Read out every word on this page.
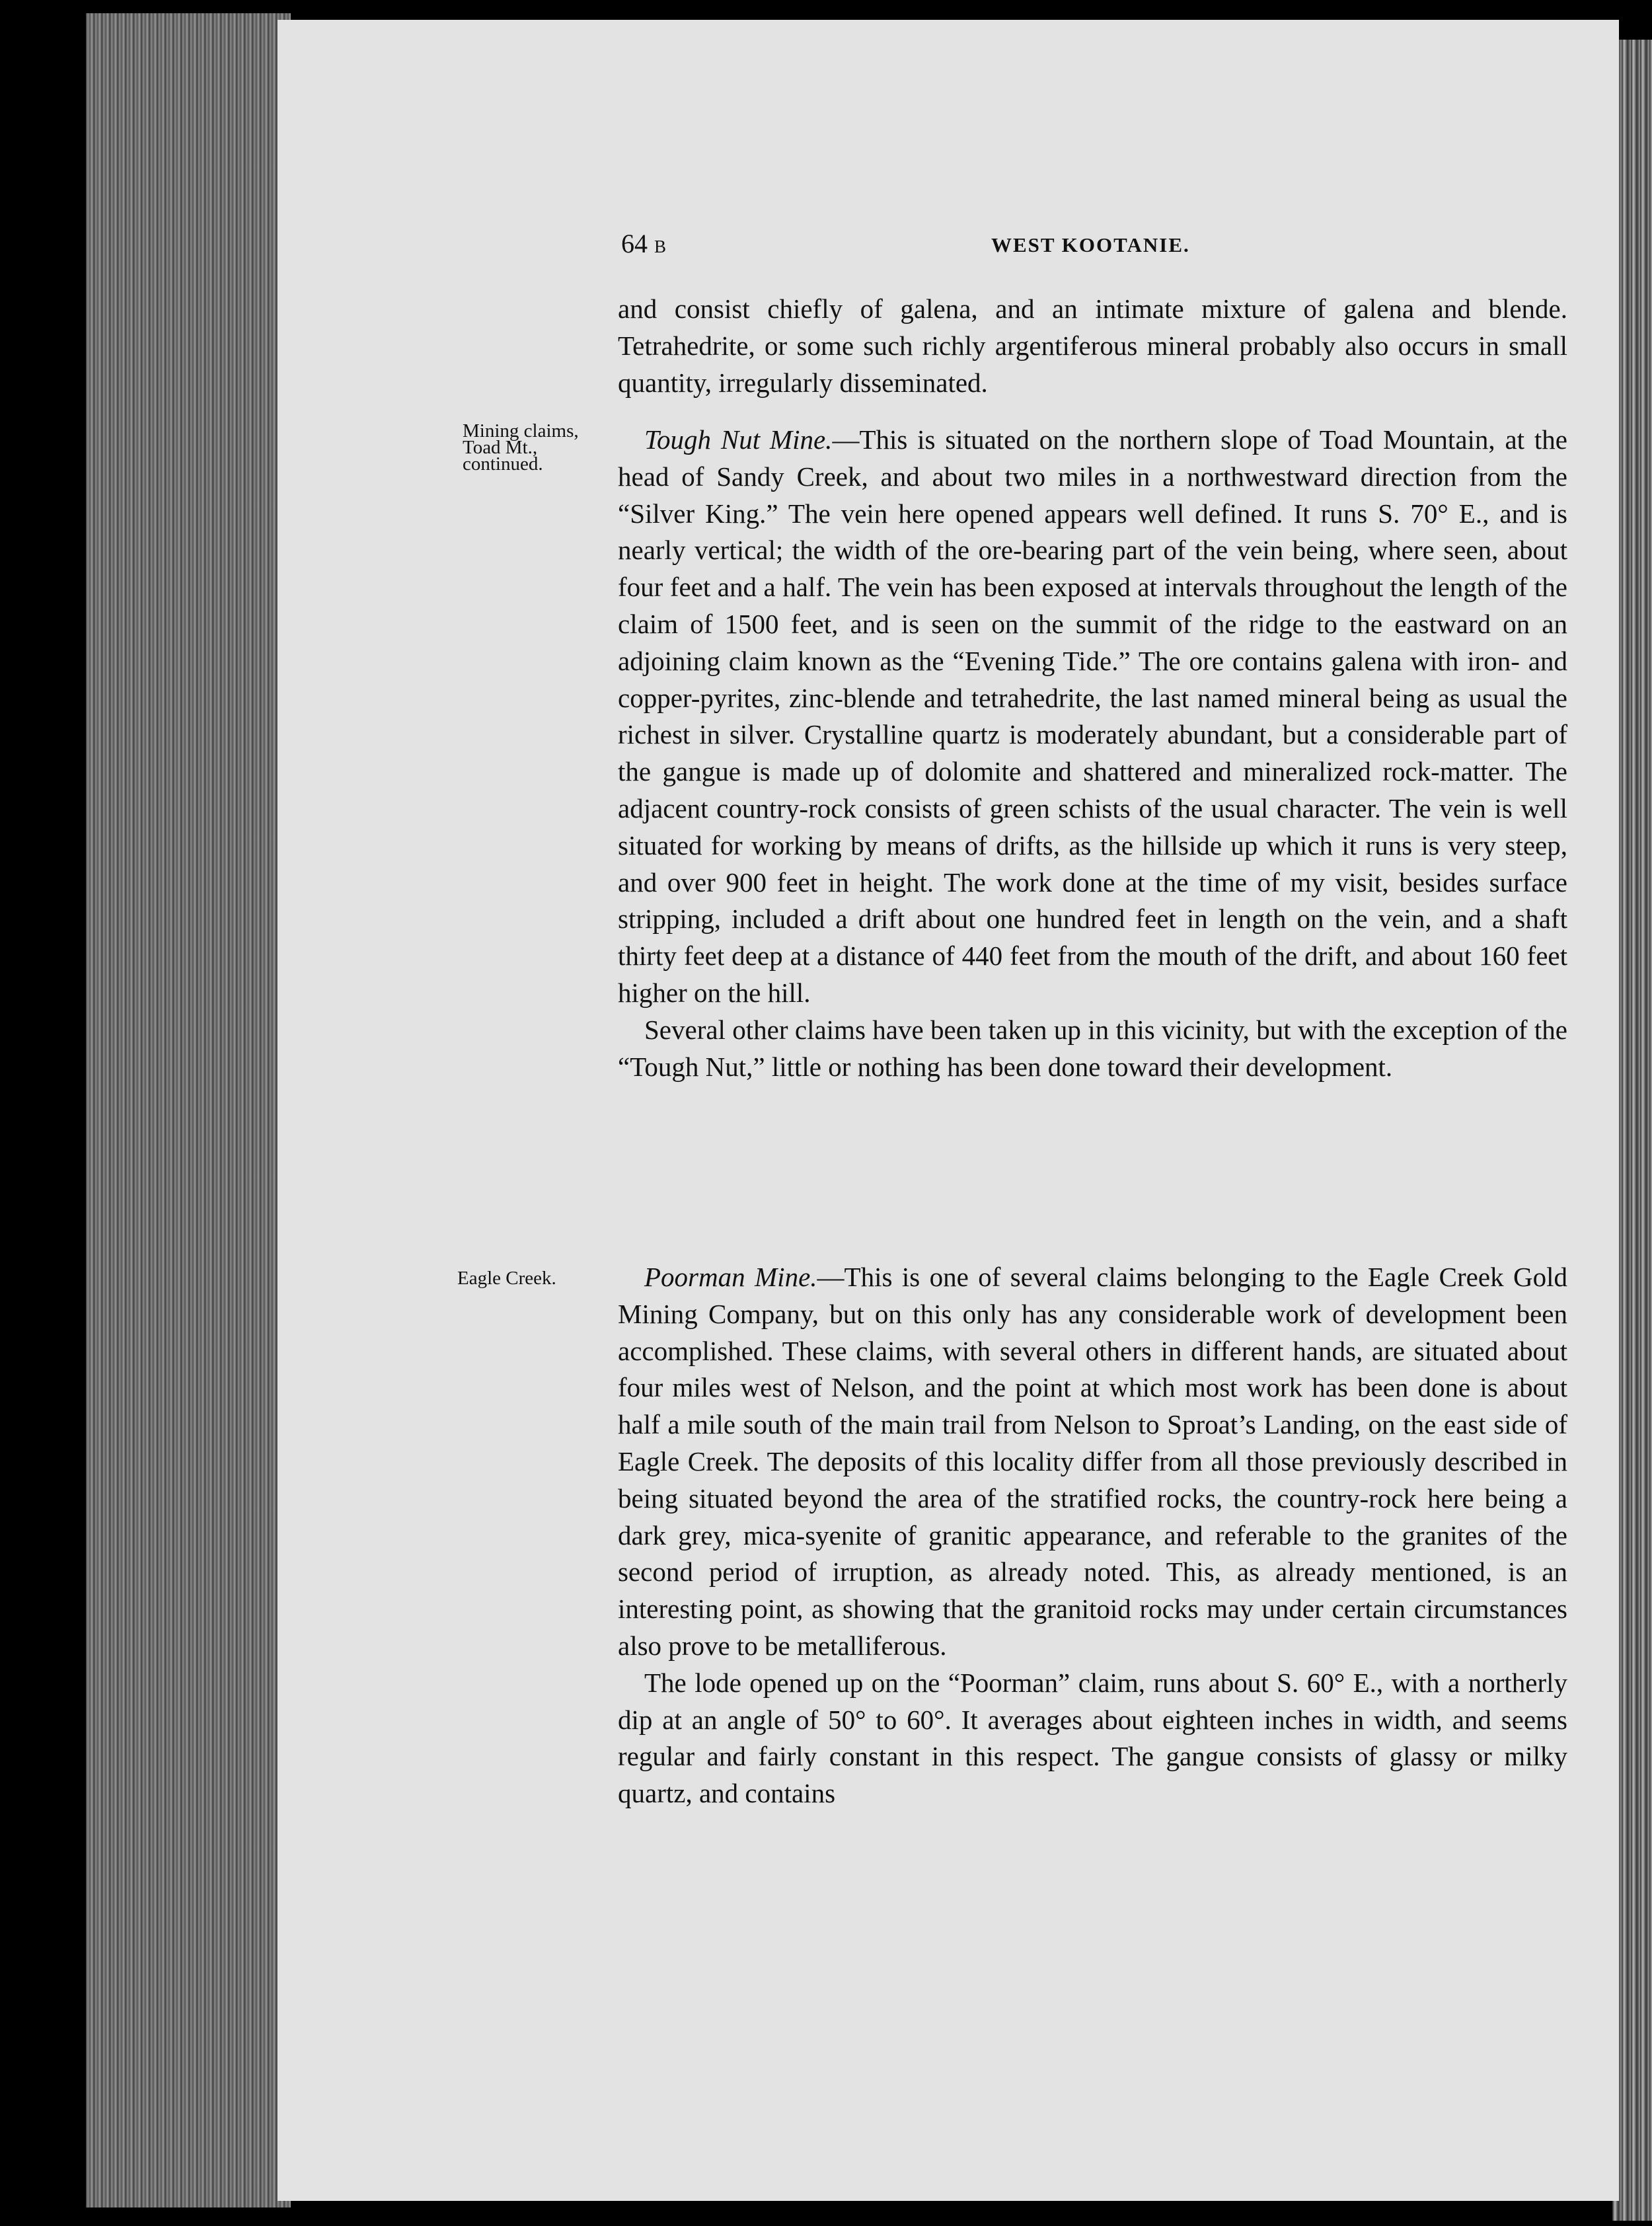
64 B	WEST KOOTANIE.
Mining claims,
Toad Mt.,
continued.
Eagle Creek.

and consist chiefly of galena, and an intimate mixture of galena and blende. Tetrahedrite, or some such richly argentiferous mineral probably also occurs in small quantity, irregularly disseminated.

Tough Nut Mine.—This is situated on the northern slope of Toad Mountain, at the head of Sandy Creek, and about two miles in a northwestward direction from the “Silver King.” The vein here opened appears well defined. It runs S. 70° E., and is nearly vertical; the width of the ore-bearing part of the vein being, where seen, about four feet and a half. The vein has been exposed at intervals throughout the length of the claim of 1500 feet, and is seen on the summit of the ridge to the eastward on an adjoining claim known as the “Evening Tide.” The ore contains galena with iron- and copper-pyrites, zinc-blende and tetrahedrite, the last named mineral being as usual the richest in silver. Crystalline quartz is moderately abundant, but a considerable part of the gangue is made up of dolomite and shattered and mineralized rock-matter. The adjacent country-rock consists of green schists of the usual character. The vein is well situated for working by means of drifts, as the hillside up which it runs is very steep, and over 900 feet in height. The work done at the time of my visit, besides surface stripping, included a drift about one hundred feet in length on the vein, and a shaft thirty feet deep at a distance of 440 feet from the mouth of the drift, and about 160 feet higher on the hill.

Several other claims have been taken up in this vicinity, but with the exception of the “Tough Nut,” little or nothing has been done toward their development.

Poorman Mine.—This is one of several claims belonging to the Eagle Creek Gold Mining Company, but on this only has any considerable work of development been accomplished. These claims, with several others in different hands, are situated about four miles west of Nelson, and the point at which most work has been done is about half a mile south of the main trail from Nelson to Sproat’s Landing, on the east side of Eagle Creek. The deposits of this locality differ from all those previously described in being situated beyond the area of the stratified rocks, the country-rock here being a dark grey, mica-syenite of granitic appearance, and referable to the granites of the second period of irruption, as already noted. This, as already mentioned, is an interesting point, as showing that the granitoid rocks may under certain circumstances also prove to be metalliferous.

The lode opened up on the “Poorman” claim, runs about S. 60° E., with a northerly dip at an angle of 50° to 60°. It averages about eighteen inches in width, and seems regular and fairly constant in this respect. The gangue consists of glassy or milky quartz, and contains
